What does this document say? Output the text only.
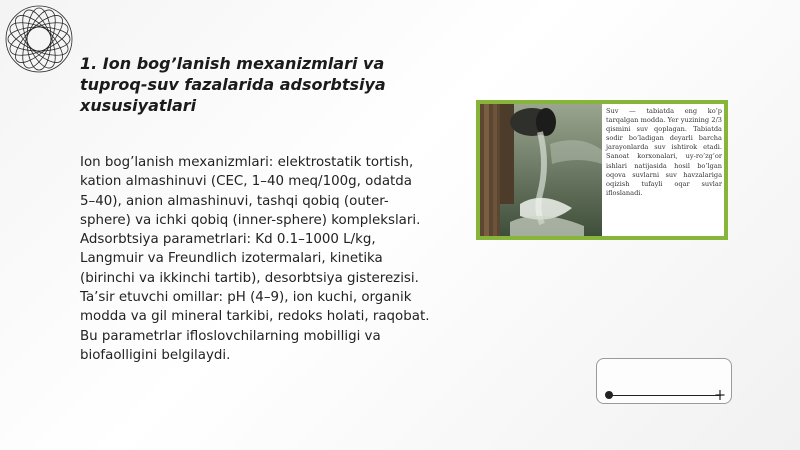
1. Ion bog’lanish mexanizmlari va tuproq-suv fazalarida adsorbtsiya xususiyatlari

Ion bog’lanish mexanizmlari: elektrostatik tortish, kation almashinuvi (CEC, 1–40 meq/100g, odatda 5–40), anion almashinuvi, tashqi qobiq (outer-sphere) va ichki qobiq (inner-sphere) komplekslari. Adsorbtsiya parametrlari: Kd 0.1–1000 L/kg, Langmuir va Freundlich izotermalari, kinetika (birinchi va ikkinchi tartib), desorbtsiya gisterezisi. Ta’sir etuvchi omillar: pH (4–9), ion kuchi, organik modda va gil mineral tarkibi, redoks holati, raqobat. Bu parametrlar ifloslovchilarning mobilligi va biofaolligini belgilaydi.

Suv — tabiatda eng ko’p tarqalgan modda. Yer yuzining 2/3 qismini suv qoplagan. Tabiatda sodir bo’ladigan deyarli barcha jarayonlarda suv ishtirok etadi. Sanoat korxonalari, uy-ro’zg’or ishlari natijasida hosil bo’lgan oqova suvlarni suv havzalariga oqizish tufayli oqar suvlar ifloslanadi.
